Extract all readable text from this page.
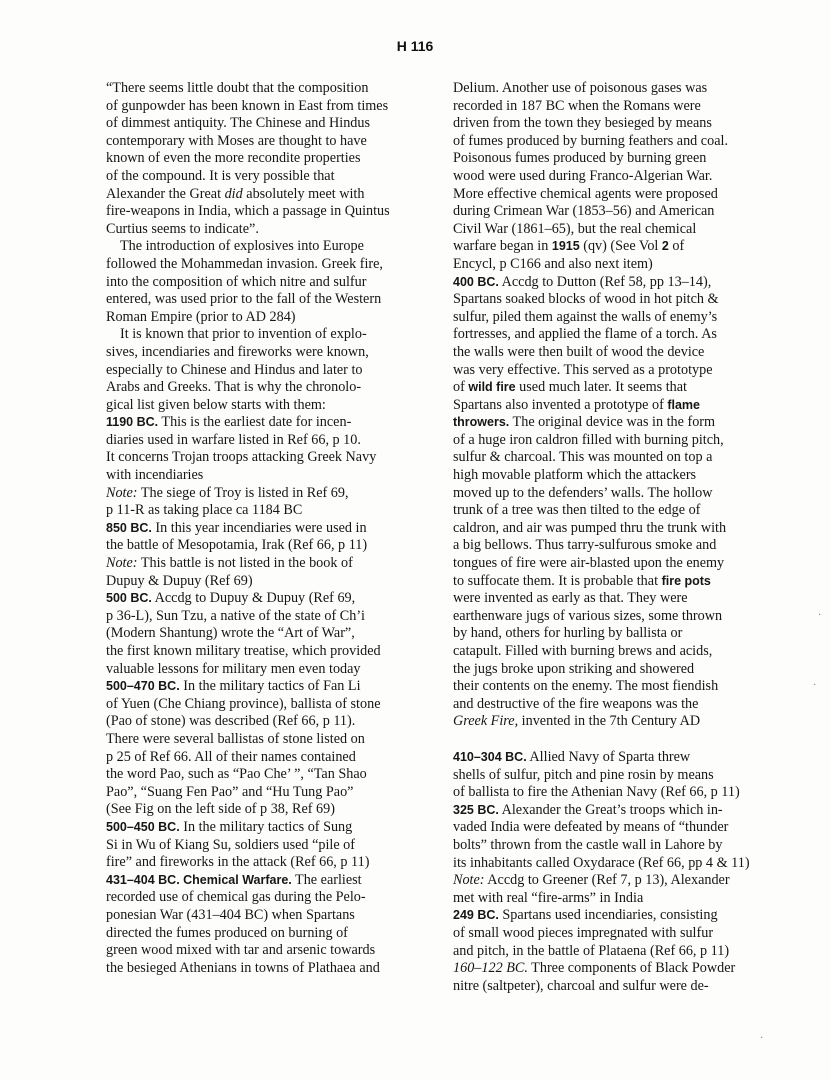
H 116
“There seems little doubt that the composition
of gunpowder has been known in East from times
of dimmest antiquity. The Chinese and Hindus
contemporary with Moses are thought to have
known of even the more recondite properties
of the compound. It is very possible that
Alexander the Great did absolutely meet with
fire-weapons in India, which a passage in Quintus
Curtius seems to indicate”.
The introduction of explosives into Europe
followed the Mohammedan invasion. Greek fire,
into the composition of which nitre and sulfur
entered, was used prior to the fall of the Western
Roman Empire (prior to AD 284)
It is known that prior to invention of explo-
sives, incendiaries and fireworks were known,
especially to Chinese and Hindus and later to
Arabs and Greeks. That is why the chronolo-
gical list given below starts with them:
1190 BC. This is the earliest date for incen-
diaries used in warfare listed in Ref 66, p 10.
It concerns Trojan troops attacking Greek Navy
with incendiaries
Note: The siege of Troy is listed in Ref 69,
p 11-R as taking place ca 1184 BC
850 BC. In this year incendiaries were used in
the battle of Mesopotamia, Irak (Ref 66, p 11)
Note: This battle is not listed in the book of
Dupuy & Dupuy (Ref 69)
500 BC. Accdg to Dupuy & Dupuy (Ref 69,
p 36-L), Sun Tzu, a native of the state of Ch’i
(Modern Shantung) wrote the “Art of War”,
the first known military treatise, which provided
valuable lessons for military men even today
500–470 BC. In the military tactics of Fan Li
of Yuen (Che Chiang province), ballista of stone
(Pao of stone) was described (Ref 66, p 11).
There were several ballistas of stone listed on
p 25 of Ref 66. All of their names contained
the word Pao, such as “Pao Che’ ”, “Tan Shao
Pao”, “Suang Fen Pao” and “Hu Tung Pao”
(See Fig on the left side of p 38, Ref 69)
500–450 BC. In the military tactics of Sung
Si in Wu of Kiang Su, soldiers used “pile of
fire” and fireworks in the attack (Ref 66, p 11)
431–404 BC. Chemical Warfare. The earliest
recorded use of chemical gas during the Pelo-
ponesian War (431–404 BC) when Spartans
directed the fumes produced on burning of
green wood mixed with tar and arsenic towards
the besieged Athenians in towns of Plathaea and
Delium. Another use of poisonous gases was
recorded in 187 BC when the Romans were
driven from the town they besieged by means
of fumes produced by burning feathers and coal.
Poisonous fumes produced by burning green
wood were used during Franco-Algerian War.
More effective chemical agents were proposed
during Crimean War (1853–56) and American
Civil War (1861–65), but the real chemical
warfare began in 1915 (qv) (See Vol 2 of
Encycl, p C166 and also next item)
400 BC. Accdg to Dutton (Ref 58, pp 13–14),
Spartans soaked blocks of wood in hot pitch &
sulfur, piled them against the walls of enemy’s
fortresses, and applied the flame of a torch. As
the walls were then built of wood the device
was very effective. This served as a prototype
of wild fire used much later. It seems that
Spartans also invented a prototype of flame
throwers. The original device was in the form
of a huge iron caldron filled with burning pitch,
sulfur & charcoal. This was mounted on top a
high movable platform which the attackers
moved up to the defenders’ walls. The hollow
trunk of a tree was then tilted to the edge of
caldron, and air was pumped thru the trunk with
a big bellows. Thus tarry-sulfurous smoke and
tongues of fire were air-blasted upon the enemy
to suffocate them. It is probable that fire pots
were invented as early as that. They were
earthenware jugs of various sizes, some thrown
by hand, others for hurling by ballista or
catapult. Filled with burning brews and acids,
the jugs broke upon striking and showered
their contents on the enemy. The most fiendish
and destructive of the fire weapons was the
Greek Fire, invented in the 7th Century AD
410–304 BC. Allied Navy of Sparta threw
shells of sulfur, pitch and pine rosin by means
of ballista to fire the Athenian Navy (Ref 66, p 11)
325 BC. Alexander the Great’s troops which in-
vaded India were defeated by means of “thunder
bolts” thrown from the castle wall in Lahore by
its inhabitants called Oxydarace (Ref 66, pp 4 & 11)
Note: Accdg to Greener (Ref 7, p 13), Alexander
met with real “fire-arms” in India
249 BC. Spartans used incendiaries, consisting
of small wood pieces impregnated with sulfur
and pitch, in the battle of Plataena (Ref 66, p 11)
160–122 BC. Three components of Black Powder
nitre (saltpeter), charcoal and sulfur were de-
·
·
·
